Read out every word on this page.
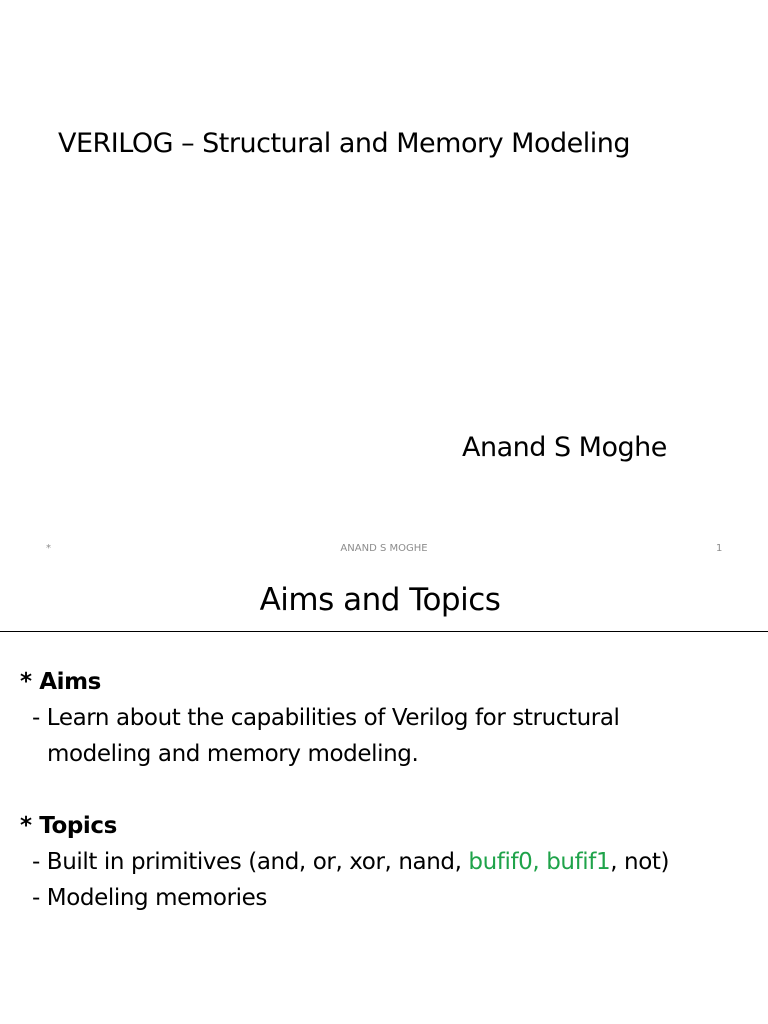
VERILOG – Structural and Memory Modeling
Anand S Moghe
*	ANAND S MOGHE	1
Aims and Topics
* Aims
- Learn about the capabilities of Verilog for structural
modeling and memory modeling.
* Topics
- Built in primitives (and, or, xor, nand, bufif0, bufif1, not)
- Modeling memories
